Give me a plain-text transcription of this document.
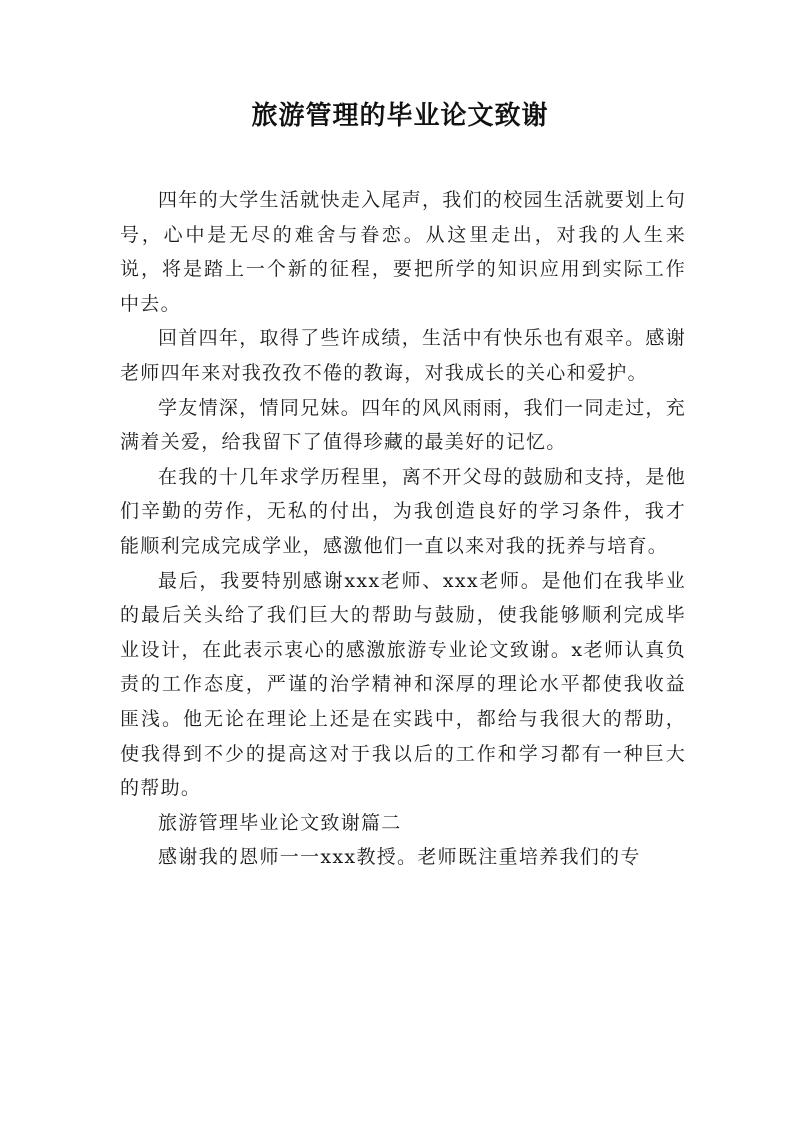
旅游管理的毕业论文致谢

四年的大学生活就快走入尾声，我们的校园生活就要划上句号，心中是无尽的难舍与眷恋。从这里走出，对我的人生来说，将是踏上一个新的征程，要把所学的知识应用到实际工作中去。

回首四年，取得了些许成绩，生活中有快乐也有艰辛。感谢老师四年来对我孜孜不倦的教诲，对我成长的关心和爱护。

学友情深，情同兄妹。四年的风风雨雨，我们一同走过，充满着关爱，给我留下了值得珍藏的最美好的记忆。

在我的十几年求学历程里，离不开父母的鼓励和支持，是他们辛勤的劳作，无私的付出，为我创造良好的学习条件，我才能顺利完成完成学业，感激他们一直以来对我的抚养与培育。

最后，我要特别感谢xxx老师、xxx老师。是他们在我毕业的最后关头给了我们巨大的帮助与鼓励，使我能够顺利完成毕业设计，在此表示衷心的感激旅游专业论文致谢。x老师认真负责的工作态度，严谨的治学精神和深厚的理论水平都使我收益匪浅。他无论在理论上还是在实践中，都给与我很大的帮助，使我得到不少的提高这对于我以后的工作和学习都有一种巨大的帮助。

旅游管理毕业论文致谢篇二

感谢我的恩师一一xxx教授。老师既注重培养我们的专
